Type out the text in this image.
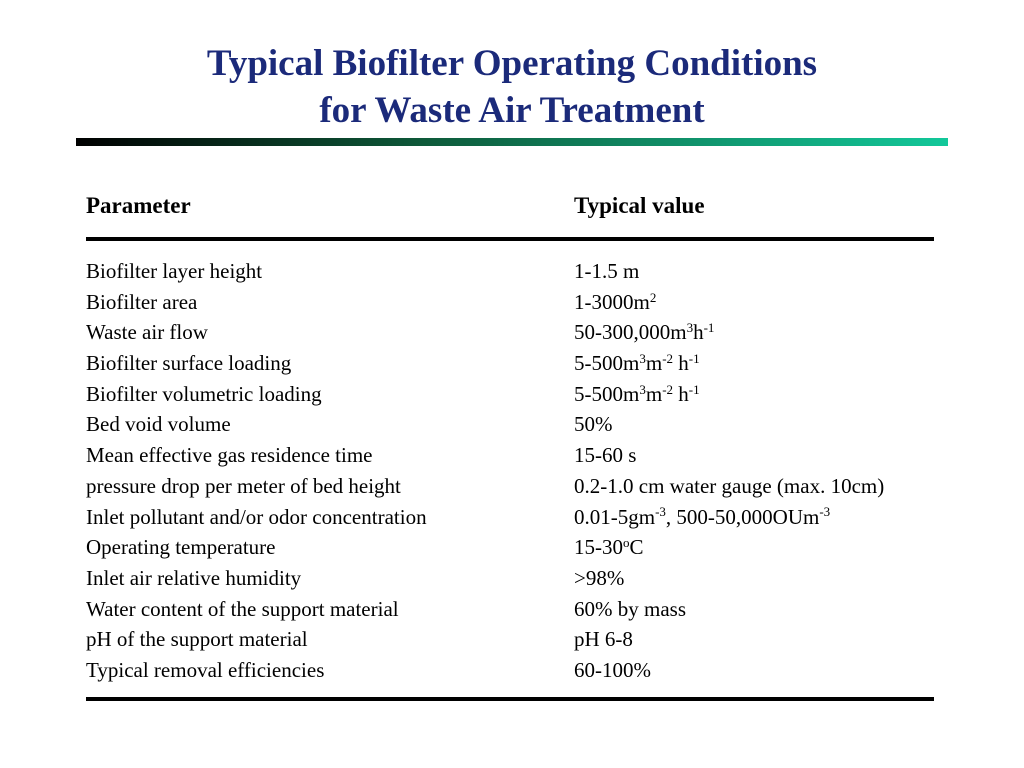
Typical Biofilter Operating Conditions
for Waste Air Treatment
Parameter	Typical value
Biofilter layer height	1-1.5 m
Biofilter area	$1-3000m^2$
Waste air flow	$50-300,000m^3h^{-1}$
Biofilter surface loading	$5-500m^3m^{-2}$ $h^{-1}$
Biofilter volumetric loading	$5-500m^3m^{-2}$ $h^{-1}$
Bed void volume	50%
Mean effective gas residence time	15-60 s
pressure drop per meter of bed height	0.2-1.0 cm water gauge (max. 10cm)
Inlet pollutant and/or odor concentration	$0.01-5gm^{-3}$, 500-50,000OUm$^{-3}$
Operating temperature	15-30$^o$C
Inlet air relative humidity	>98%
Water content of the support material	60% by mass
pH of the support material	pH 6-8
Typical removal efficiencies	60-100%
